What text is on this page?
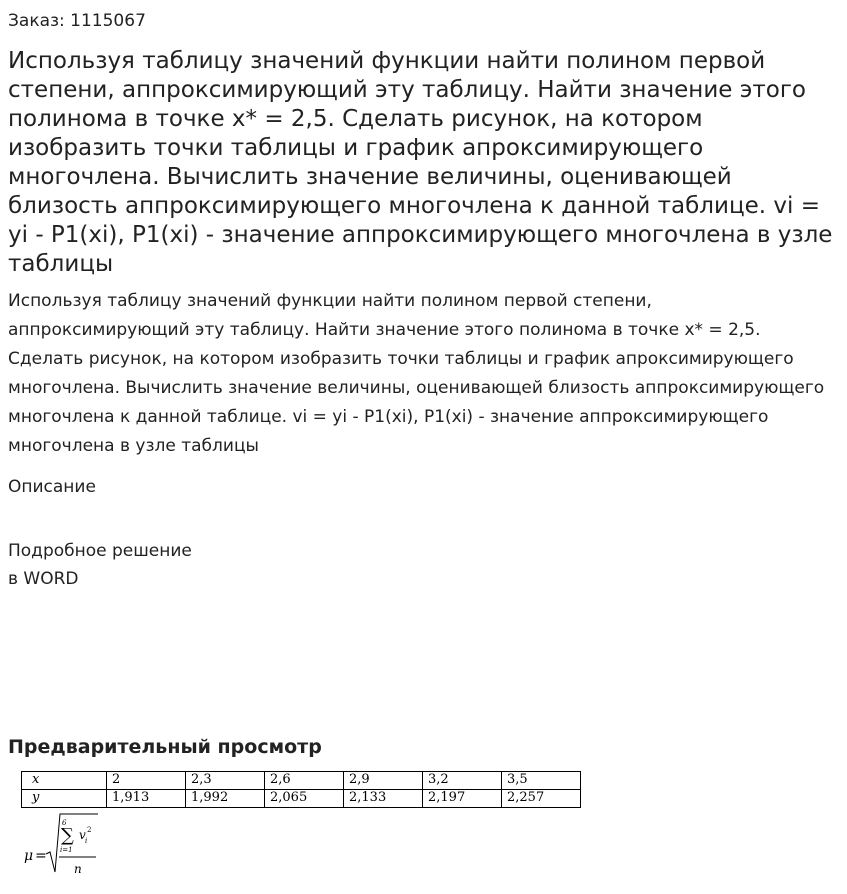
Заказ: 1115067
Используя таблицу значений функции найти полином первой степени, аппроксимирующий эту таблицу. Найти значение этого полинома в точке x* = 2,5. Сделать рисунок, на котором изобразить точки таблицы и график апроксимирующего многочлена. Вычислить значение величины, оценивающей близость аппроксимирующего многочлена к данной таблице. vi = yi - P1(xi), P1(xi) - значение аппроксимирующего многочлена в узле таблицы

Используя таблицу значений функции найти полином первой степени, аппроксимирующий эту таблицу. Найти значение этого полинома в точке x* = 2,5. Сделать рисунок, на котором изобразить точки таблицы и график апроксимирующего многочлена. Вычислить значение величины, оценивающей близость аппроксимирующего многочлена к данной таблице. vi = yi - P1(xi), P1(xi) - значение аппроксимирующего многочлена в узле таблицы

Описание
Подробное решение
в WORD
Предварительный просмотр
x	2	2,3	2,6	2,9	3,2	3,5
y	1,913	1,992	2,065	2,133	2,197	2,257
μ =
6
∑
i=1
v i
2
n
